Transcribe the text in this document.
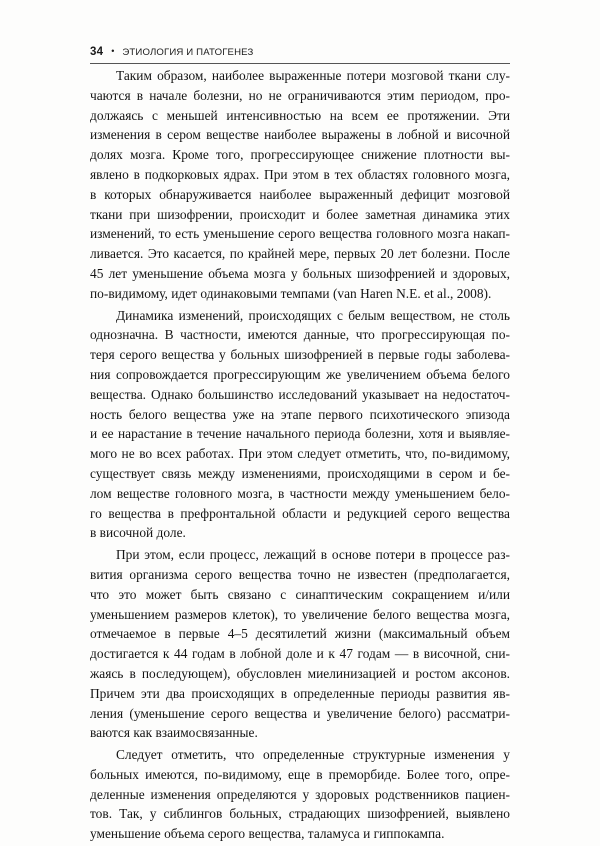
34 • ЭТИОЛОГИЯ И ПАТОГЕНЕЗ
Таким образом, наиболее выраженные потери мозговой ткани слу-
чаются в начале болезни, но не ограничиваются этим периодом, про-
должаясь с меньшей интенсивностью на всем ее протяжении. Эти
изменения в сером веществе наиболее выражены в лобной и височной
долях мозга. Кроме того, прогрессирующее снижение плотности вы-
явлено в подкорковых ядрах. При этом в тех областях головного мозга,
в которых обнаруживается наиболее выраженный дефицит мозговой
ткани при шизофрении, происходит и более заметная динамика этих
изменений, то есть уменьшение серого вещества головного мозга накап-
ливается. Это касается, по крайней мере, первых 20 лет болезни. После
45 лет уменьшение объема мозга у больных шизофренией и здоровых,
по-видимому, идет одинаковыми темпами (van Haren N.E. et al., 2008).
Динамика изменений, происходящих с белым веществом, не столь
однозначна. В частности, имеются данные, что прогрессирующая по-
теря серого вещества у больных шизофренией в первые годы заболева-
ния сопровождается прогрессирующим же увеличением объема белого
вещества. Однако большинство исследований указывает на недостаточ-
ность белого вещества уже на этапе первого психотического эпизода
и ее нарастание в течение начального периода болезни, хотя и выявляе-
мого не во всех работах. При этом следует отметить, что, по-видимому,
существует связь между изменениями, происходящими в сером и бе-
лом веществе головного мозга, в частности между уменьшением бело-
го вещества в префронтальной области и редукцией серого вещества
в височной доле.
При этом, если процесс, лежащий в основе потери в процессе раз-
вития организма серого вещества точно не известен (предполагается,
что это может быть связано с синаптическим сокращением и/или
уменьшением размеров клеток), то увеличение белого вещества мозга,
отмечаемое в первые 4–5 десятилетий жизни (максимальный объем
достигается к 44 годам в лобной доле и к 47 годам — в височной, сни-
жаясь в последующем), обусловлен миелинизацией и ростом аксонов.
Причем эти два происходящих в определенные периоды развития яв-
ления (уменьшение серого вещества и увеличение белого) рассматри-
ваются как взаимосвязанные.
Следует отметить, что определенные структурные изменения у
больных имеются, по-видимому, еще в преморбиде. Более того, опре-
деленные изменения определяются у здоровых родственников пациен-
тов. Так, у сиблингов больных, страдающих шизофренией, выявлено
уменьшение объема серого вещества, таламуса и гиппокампа.
